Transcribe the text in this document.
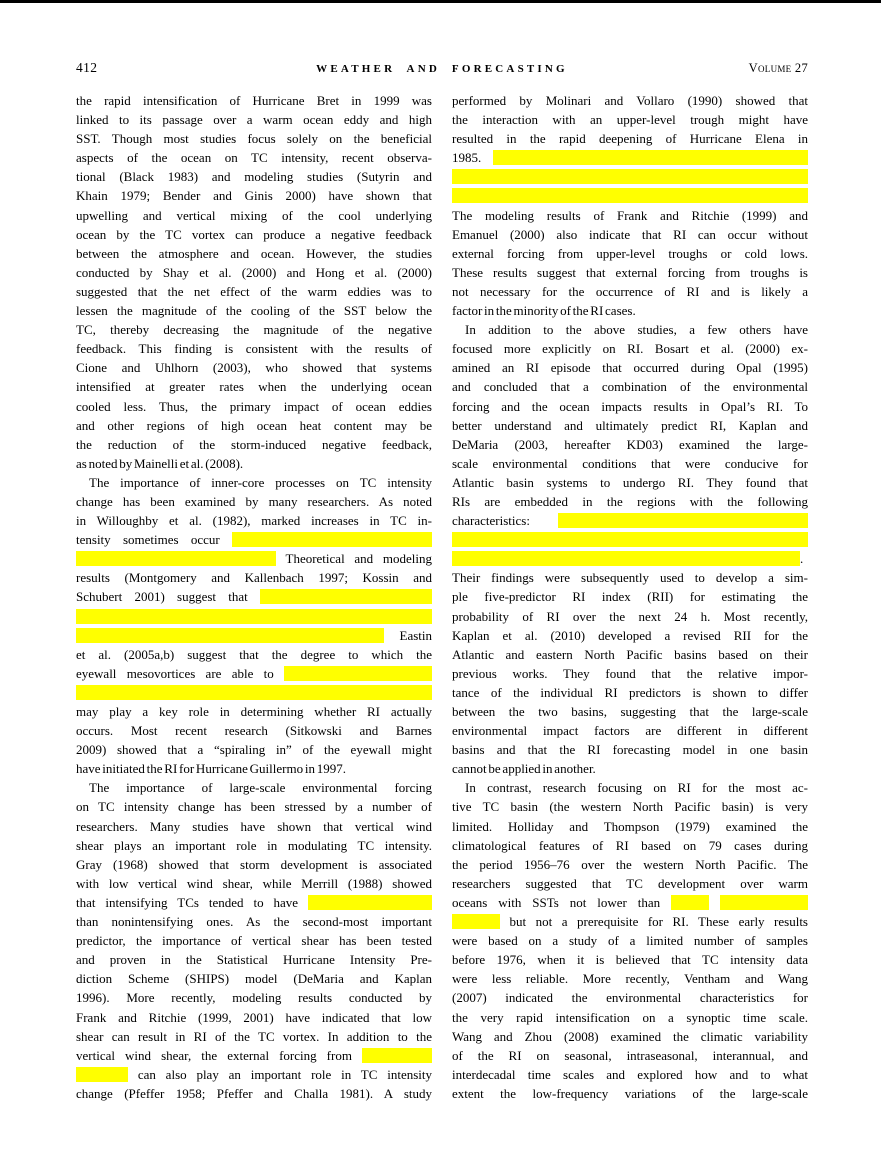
412	WEATHER AND FORECASTING	Volume 27
the rapid intensification of Hurricane Bret in 1999 was
linked to its passage over a warm ocean eddy and high
SST. Though most studies focus solely on the beneficial
aspects of the ocean on TC intensity, recent observa-
tional (Black 1983) and modeling studies (Sutyrin and
Khain 1979; Bender and Ginis 2000) have shown that
upwelling and vertical mixing of the cool underlying
ocean by the TC vortex can produce a negative feedback
between the atmosphere and ocean. However, the studies
conducted by Shay et al. (2000) and Hong et al. (2000)
suggested that the net effect of the warm eddies was to
lessen the magnitude of the cooling of the SST below the
TC, thereby decreasing the magnitude of the negative
feedback. This finding is consistent with the results of
Cione and Uhlhorn (2003), who showed that systems
intensified at greater rates when the underlying ocean
cooled less. Thus, the primary impact of ocean eddies
and other regions of high ocean heat content may be
the reduction of the storm-induced negative feedback,
as noted by Mainelli et al. (2008).
The importance of inner-core processes on TC intensity
change has been examined by many researchers. As noted
in Willoughby et al. (1982), marked increases in TC in-
tensity sometimes occur
Theoretical and modeling
results (Montgomery and Kallenbach 1997; Kossin and
Schubert 2001) suggest that
Eastin
et al. (2005a,b) suggest that the degree to which the
eyewall mesovortices are able to
may play a key role in determining whether RI actually
occurs. Most recent research (Sitkowski and Barnes
2009) showed that a “spiraling in” of the eyewall might
have initiated the RI for Hurricane Guillermo in 1997.
The importance of large-scale environmental forcing
on TC intensity change has been stressed by a number of
researchers. Many studies have shown that vertical wind
shear plays an important role in modulating TC intensity.
Gray (1968) showed that storm development is associated
with low vertical wind shear, while Merrill (1988) showed
that intensifying TCs tended to have
than nonintensifying ones. As the second-most important
predictor, the importance of vertical shear has been tested
and proven in the Statistical Hurricane Intensity Pre-
diction Scheme (SHIPS) model (DeMaria and Kaplan
1996). More recently, modeling results conducted by
Frank and Ritchie (1999, 2001) have indicated that low
shear can result in RI of the TC vortex. In addition to the
vertical wind shear, the external forcing from
can also play an important role in TC intensity
change (Pfeffer 1958; Pfeffer and Challa 1981). A study
performed by Molinari and Vollaro (1990) showed that
the interaction with an upper-level trough might have
resulted in the rapid deepening of Hurricane Elena in
1985.
The modeling results of Frank and Ritchie (1999) and
Emanuel (2000) also indicate that RI can occur without
external forcing from upper-level troughs or cold lows.
These results suggest that external forcing from troughs is
not necessary for the occurrence of RI and is likely a
factor in the minority of the RI cases.
In addition to the above studies, a few others have
focused more explicitly on RI. Bosart et al. (2000) ex-
amined an RI episode that occurred during Opal (1995)
and concluded that a combination of the environmental
forcing and the ocean impacts results in Opal’s RI. To
better understand and ultimately predict RI, Kaplan and
DeMaria (2003, hereafter KD03) examined the large-
scale environmental conditions that were conducive for
Atlantic basin systems to undergo RI. They found that
RIs are embedded in the regions with the following
characteristics:
.
Their findings were subsequently used to develop a sim-
ple five-predictor RI index (RII) for estimating the
probability of RI over the next 24 h. Most recently,
Kaplan et al. (2010) developed a revised RII for the
Atlantic and eastern North Pacific basins based on their
previous works. They found that the relative impor-
tance of the individual RI predictors is shown to differ
between the two basins, suggesting that the large-scale
environmental impact factors are different in different
basins and that the RI forecasting model in one basin
cannot be applied in another.
In contrast, research focusing on RI for the most ac-
tive TC basin (the western North Pacific basin) is very
limited. Holliday and Thompson (1979) examined the
climatological features of RI based on 79 cases during
the period 1956–76 over the western North Pacific. The
researchers suggested that TC development over warm
oceans with SSTs not lower than
but not a prerequisite for RI. These early results
were based on a study of a limited number of samples
before 1976, when it is believed that TC intensity data
were less reliable. More recently, Ventham and Wang
(2007) indicated the environmental characteristics for
the very rapid intensification on a synoptic time scale.
Wang and Zhou (2008) examined the climatic variability
of the RI on seasonal, intraseasonal, interannual, and
interdecadal time scales and explored how and to what
extent the low-frequency variations of the large-scale
